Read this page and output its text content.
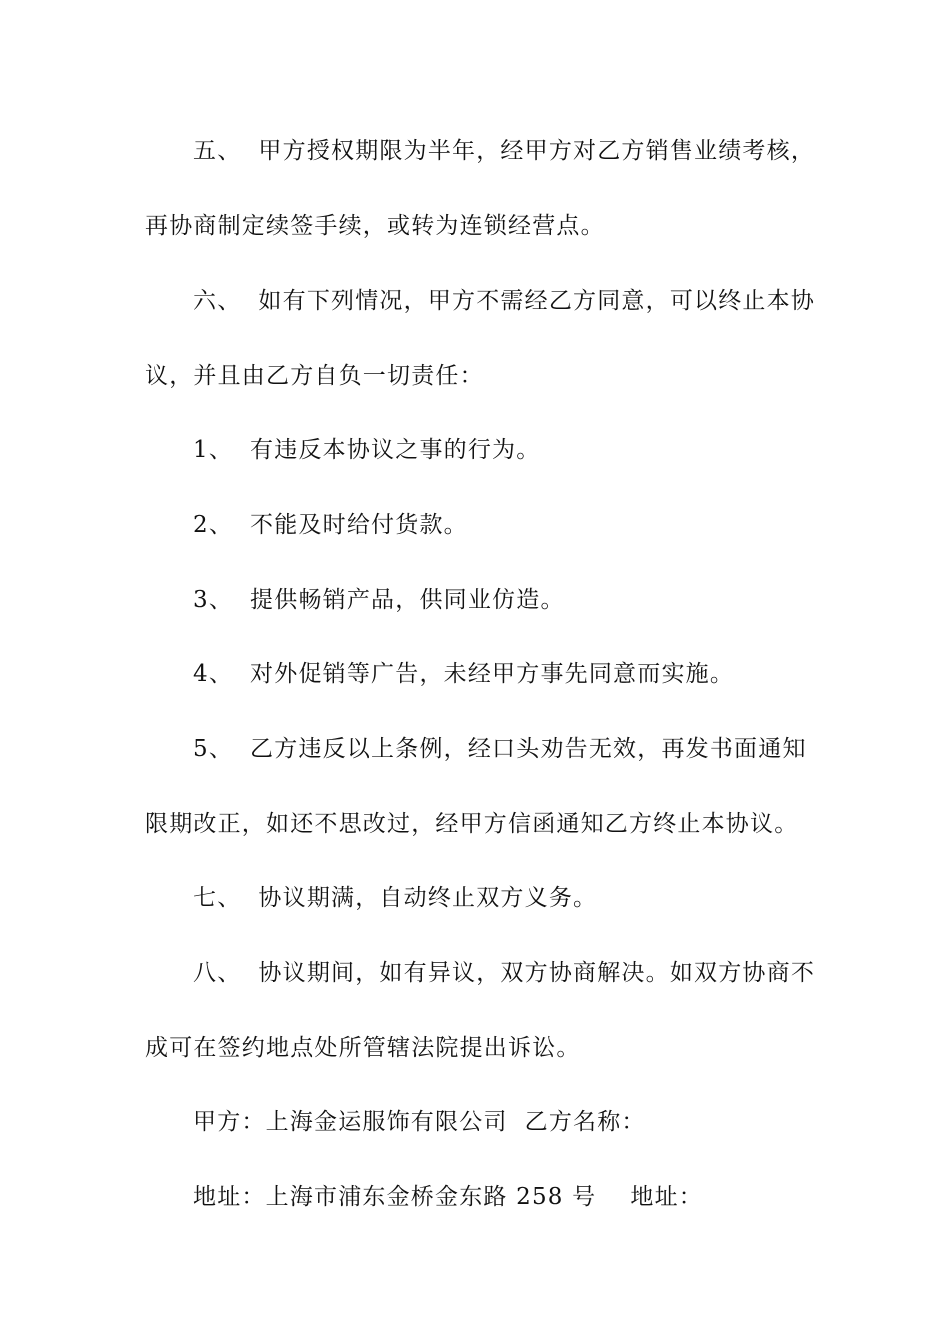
五、  甲方授权期限为半年，经甲方对乙方销售业绩考核，

再协商制定续签手续，或转为连锁经营点。

六、  如有下列情况，甲方不需经乙方同意，可以终止本协

议，并且由乙方自负一切责任：

1、  有违反本协议之事的行为。

2、  不能及时给付货款。

3、  提供畅销产品，供同业仿造。

4、  对外促销等广告，未经甲方事先同意而实施。

5、  乙方违反以上条例，经口头劝告无效，再发书面通知

限期改正，如还不思改过，经甲方信函通知乙方终止本协议。

七、  协议期满，自动终止双方义务。

八、  协议期间，如有异议，双方协商解决。如双方协商不

成可在签约地点处所管辖法院提出诉讼。

甲方：上海金运服饰有限公司  乙方名称：

地址：上海市浦东金桥金东路 258 号    地址：
